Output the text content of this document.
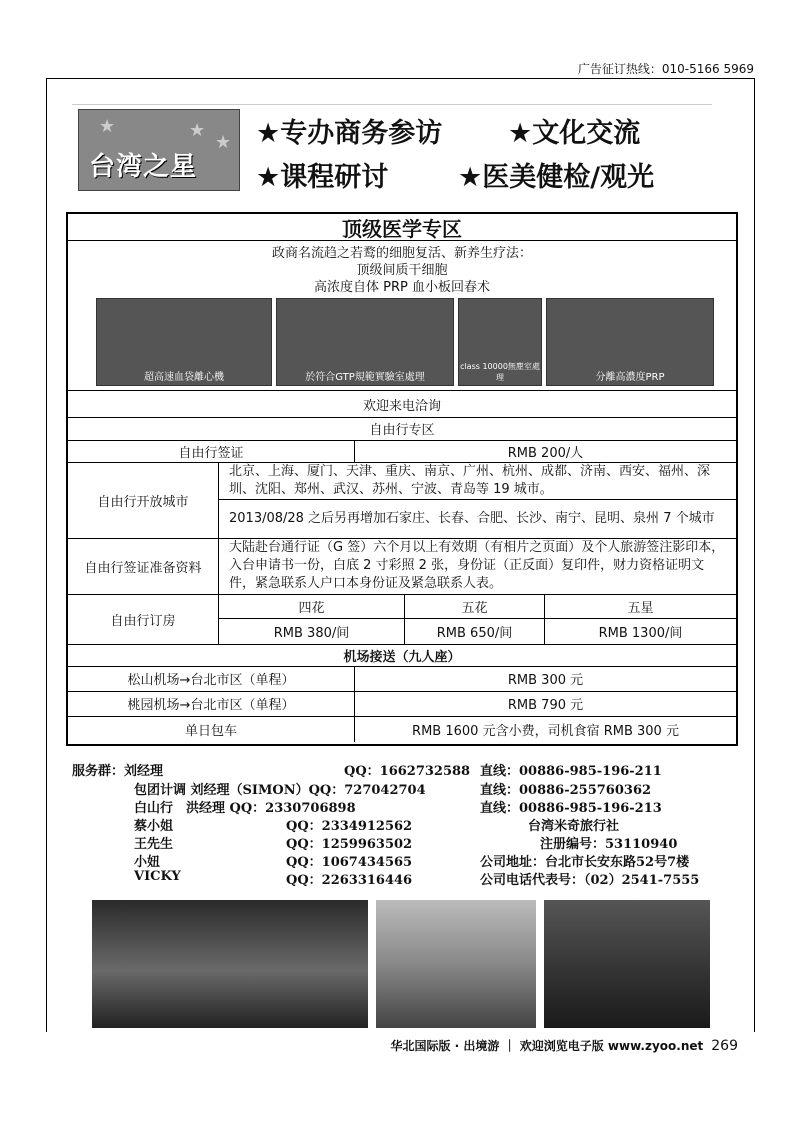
广告征订热线：010-5166 5969
★	★
★
台湾之星
★专办商务参访 ★文化交流
★课程研讨	★医美健检/观光
顶级医学专区
政商名流趋之若鹜的细胞复活、新养生疗法：
顶级间质干细胞
高浓度自体 PRP 血小板回春术
超高速血袋離心機	於符合GTP規範實驗室處理
class 10000無塵室處理	分離高濃度PRP
欢迎来电洽询
自由行专区
自由行签证	RMB 200/人
自由行开放城市
北京、上海、厦门、天津、重庆、南京、广州、杭州、成都、济南、西安、福州、深圳、沈阳、郑州、武汉、苏州、宁波、青岛等 19 城市。
2013/08/28 之后另再增加石家庄、长春、合肥、长沙、南宁、昆明、泉州 7 个城市
自由行签证准备资料
大陆赴台通行证（G 签）六个月以上有效期（有相片之页面）及个人旅游签注影印本，入台申请书一份，白底 2 寸彩照 2 张，身份证（正反面）复印件，财力资格证明文件，紧急联系人户口本身份证及紧急联系人表。
自由行订房
四花	五花	五星
RMB 380/间	RMB 650/间	RMB 1300/间
机场接送（九人座）
松山机场→台北市区（单程）	RMB 300 元
桃园机场→台北市区（单程）	RMB 790 元
单日包车	RMB 1600 元含小费，司机食宿 RMB 300 元
服务群：刘经理	QQ：1662732588 直线：00886-985-196-211
包团计调 刘经理（SIMON）QQ：727042704	直线：00886-255760362
白山行　洪经理 QQ：2330706898	直线：00886-985-196-213
蔡小姐	QQ：2334912562	台湾米奇旅行社
王先生	QQ：1259963502	注册编号：53110940
小妞	QQ：1067434565	公司地址：台北市长安东路52号7楼
VICKY	QQ：2263316446	公司电话代表号：（02）2541-7555
华北国际版 · 出境游 ｜ 欢迎浏览电子版 www.zyoo.net 269
